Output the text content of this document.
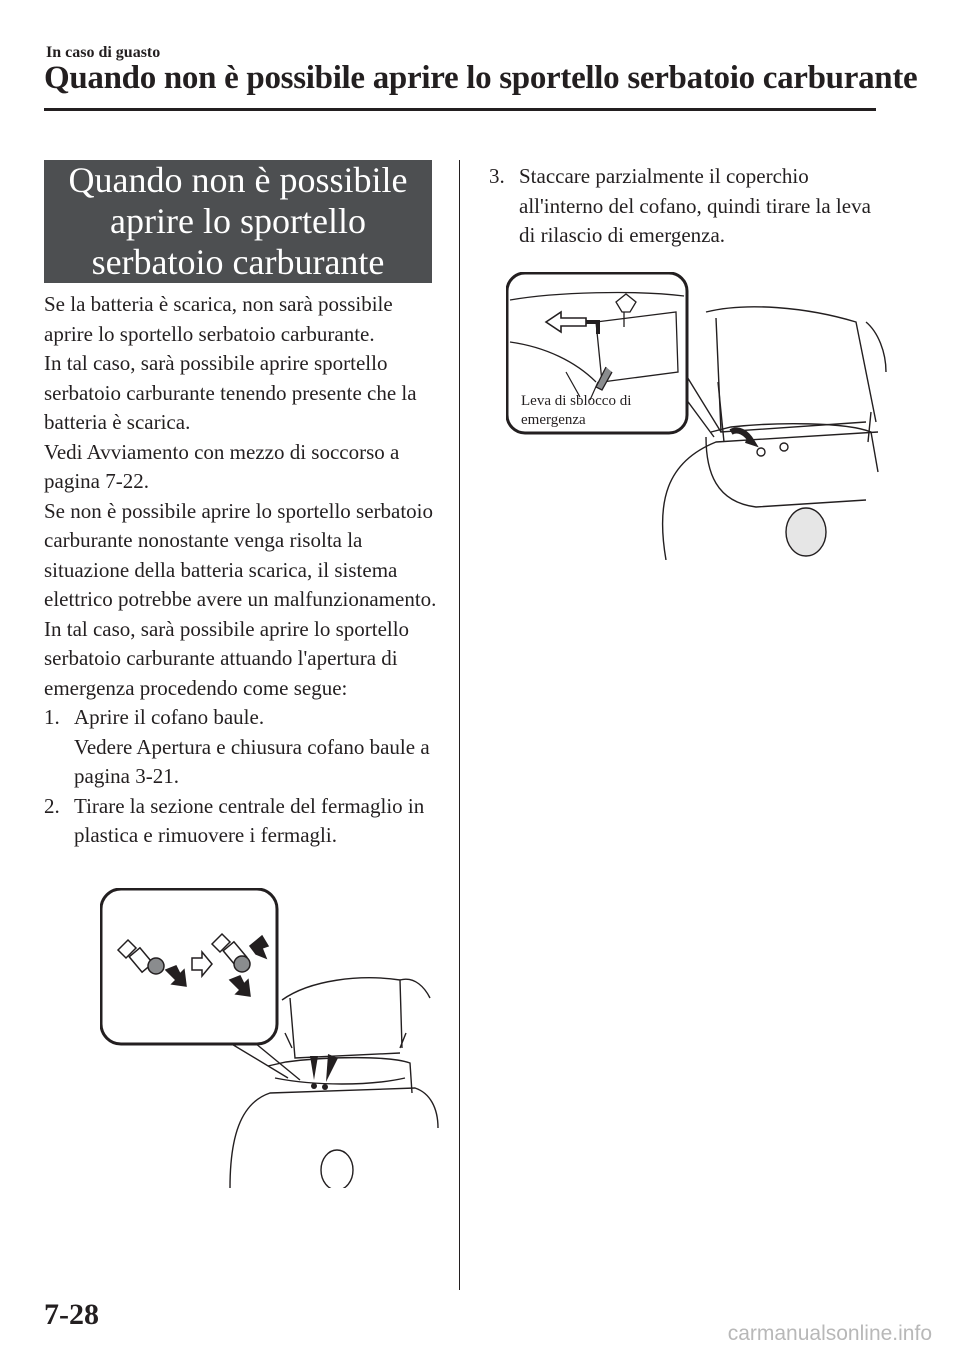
In caso di guasto
Quando non è possibile aprire lo sportello serbatoio carburante
Quando non è possibile
aprire lo sportello
serbatoio carburante

Se la batteria è scarica, non sarà possibile aprire lo sportello serbatoio carburante.

In tal caso, sarà possibile aprire sportello serbatoio carburante tenendo presente che la batteria è scarica.

Vedi Avviamento con mezzo di soccorso a pagina 7-22.

Se non è possibile aprire lo sportello serbatoio carburante nonostante venga risolta la situazione della batteria scarica, il sistema elettrico potrebbe avere un malfunzionamento.

In tal caso, sarà possibile aprire lo sportello serbatoio carburante attuando l'apertura di emergenza procedendo come segue:

1. Aprire il cofano baule.
Vedere Apertura e chiusura cofano baule a pagina 3-21.
2. Tirare la sezione centrale del fermaglio in plastica e rimuovere i fermagli.
3. Staccare parzialmente il coperchio all'interno del cofano, quindi tirare la leva di rilascio di emergenza.
Leva di sblocco di
emergenza
7-28
carmanualsonline.info
